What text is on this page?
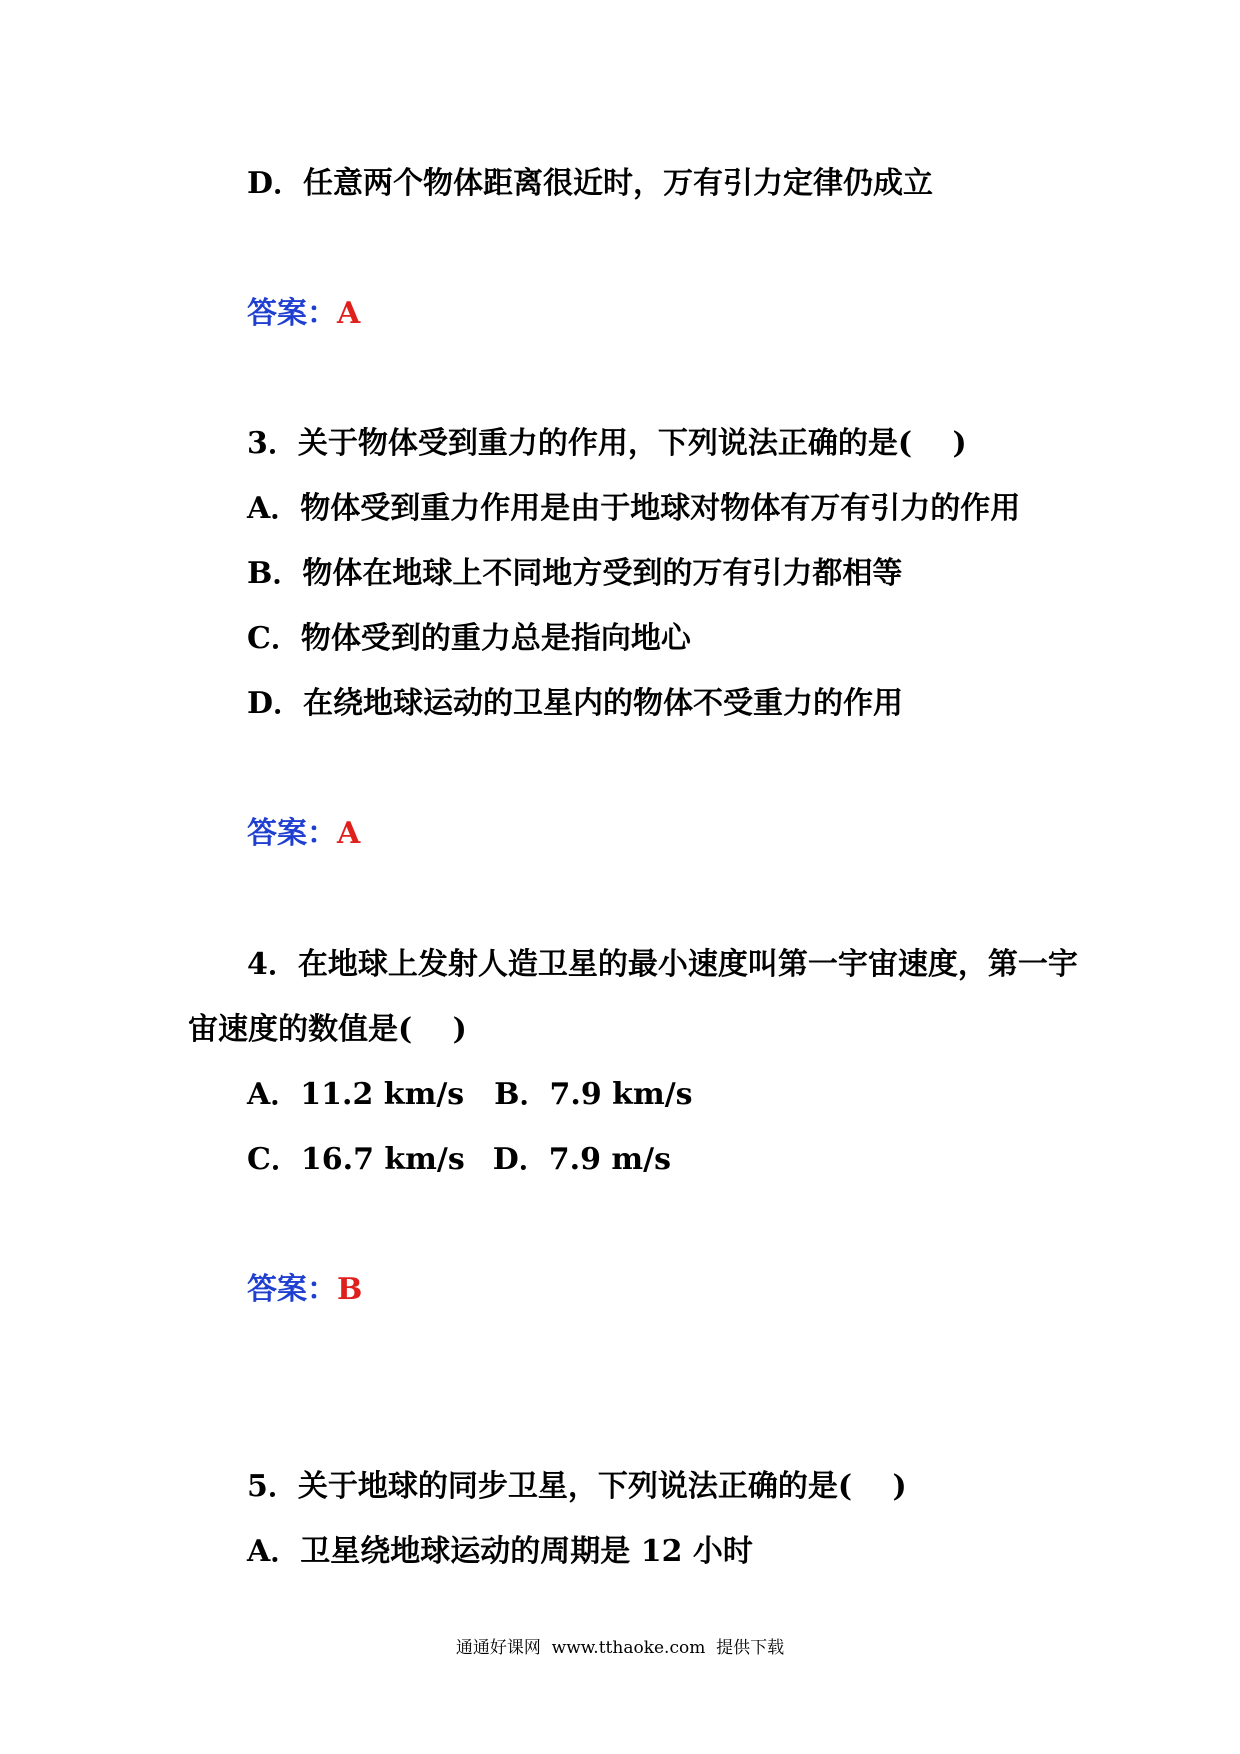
D．任意两个物体距离很近时，万有引力定律仍成立
答案：A
3．关于物体受到重力的作用，下列说法正确的是(　 )
A．物体受到重力作用是由于地球对物体有万有引力的作用
B．物体在地球上不同地方受到的万有引力都相等
C．物体受到的重力总是指向地心
D．在绕地球运动的卫星内的物体不受重力的作用
答案：A
4．在地球上发射人造卫星的最小速度叫第一宇宙速度，第一宇
宙速度的数值是(　 )
A．11.2 km/s B．7.9 km/s
C．16.7 km/s D．7.9 m/s
答案：B
5．关于地球的同步卫星，下列说法正确的是(　 )
A．卫星绕地球运动的周期是 12 小时
通通好课网  www.tthaoke.com  提供下载
